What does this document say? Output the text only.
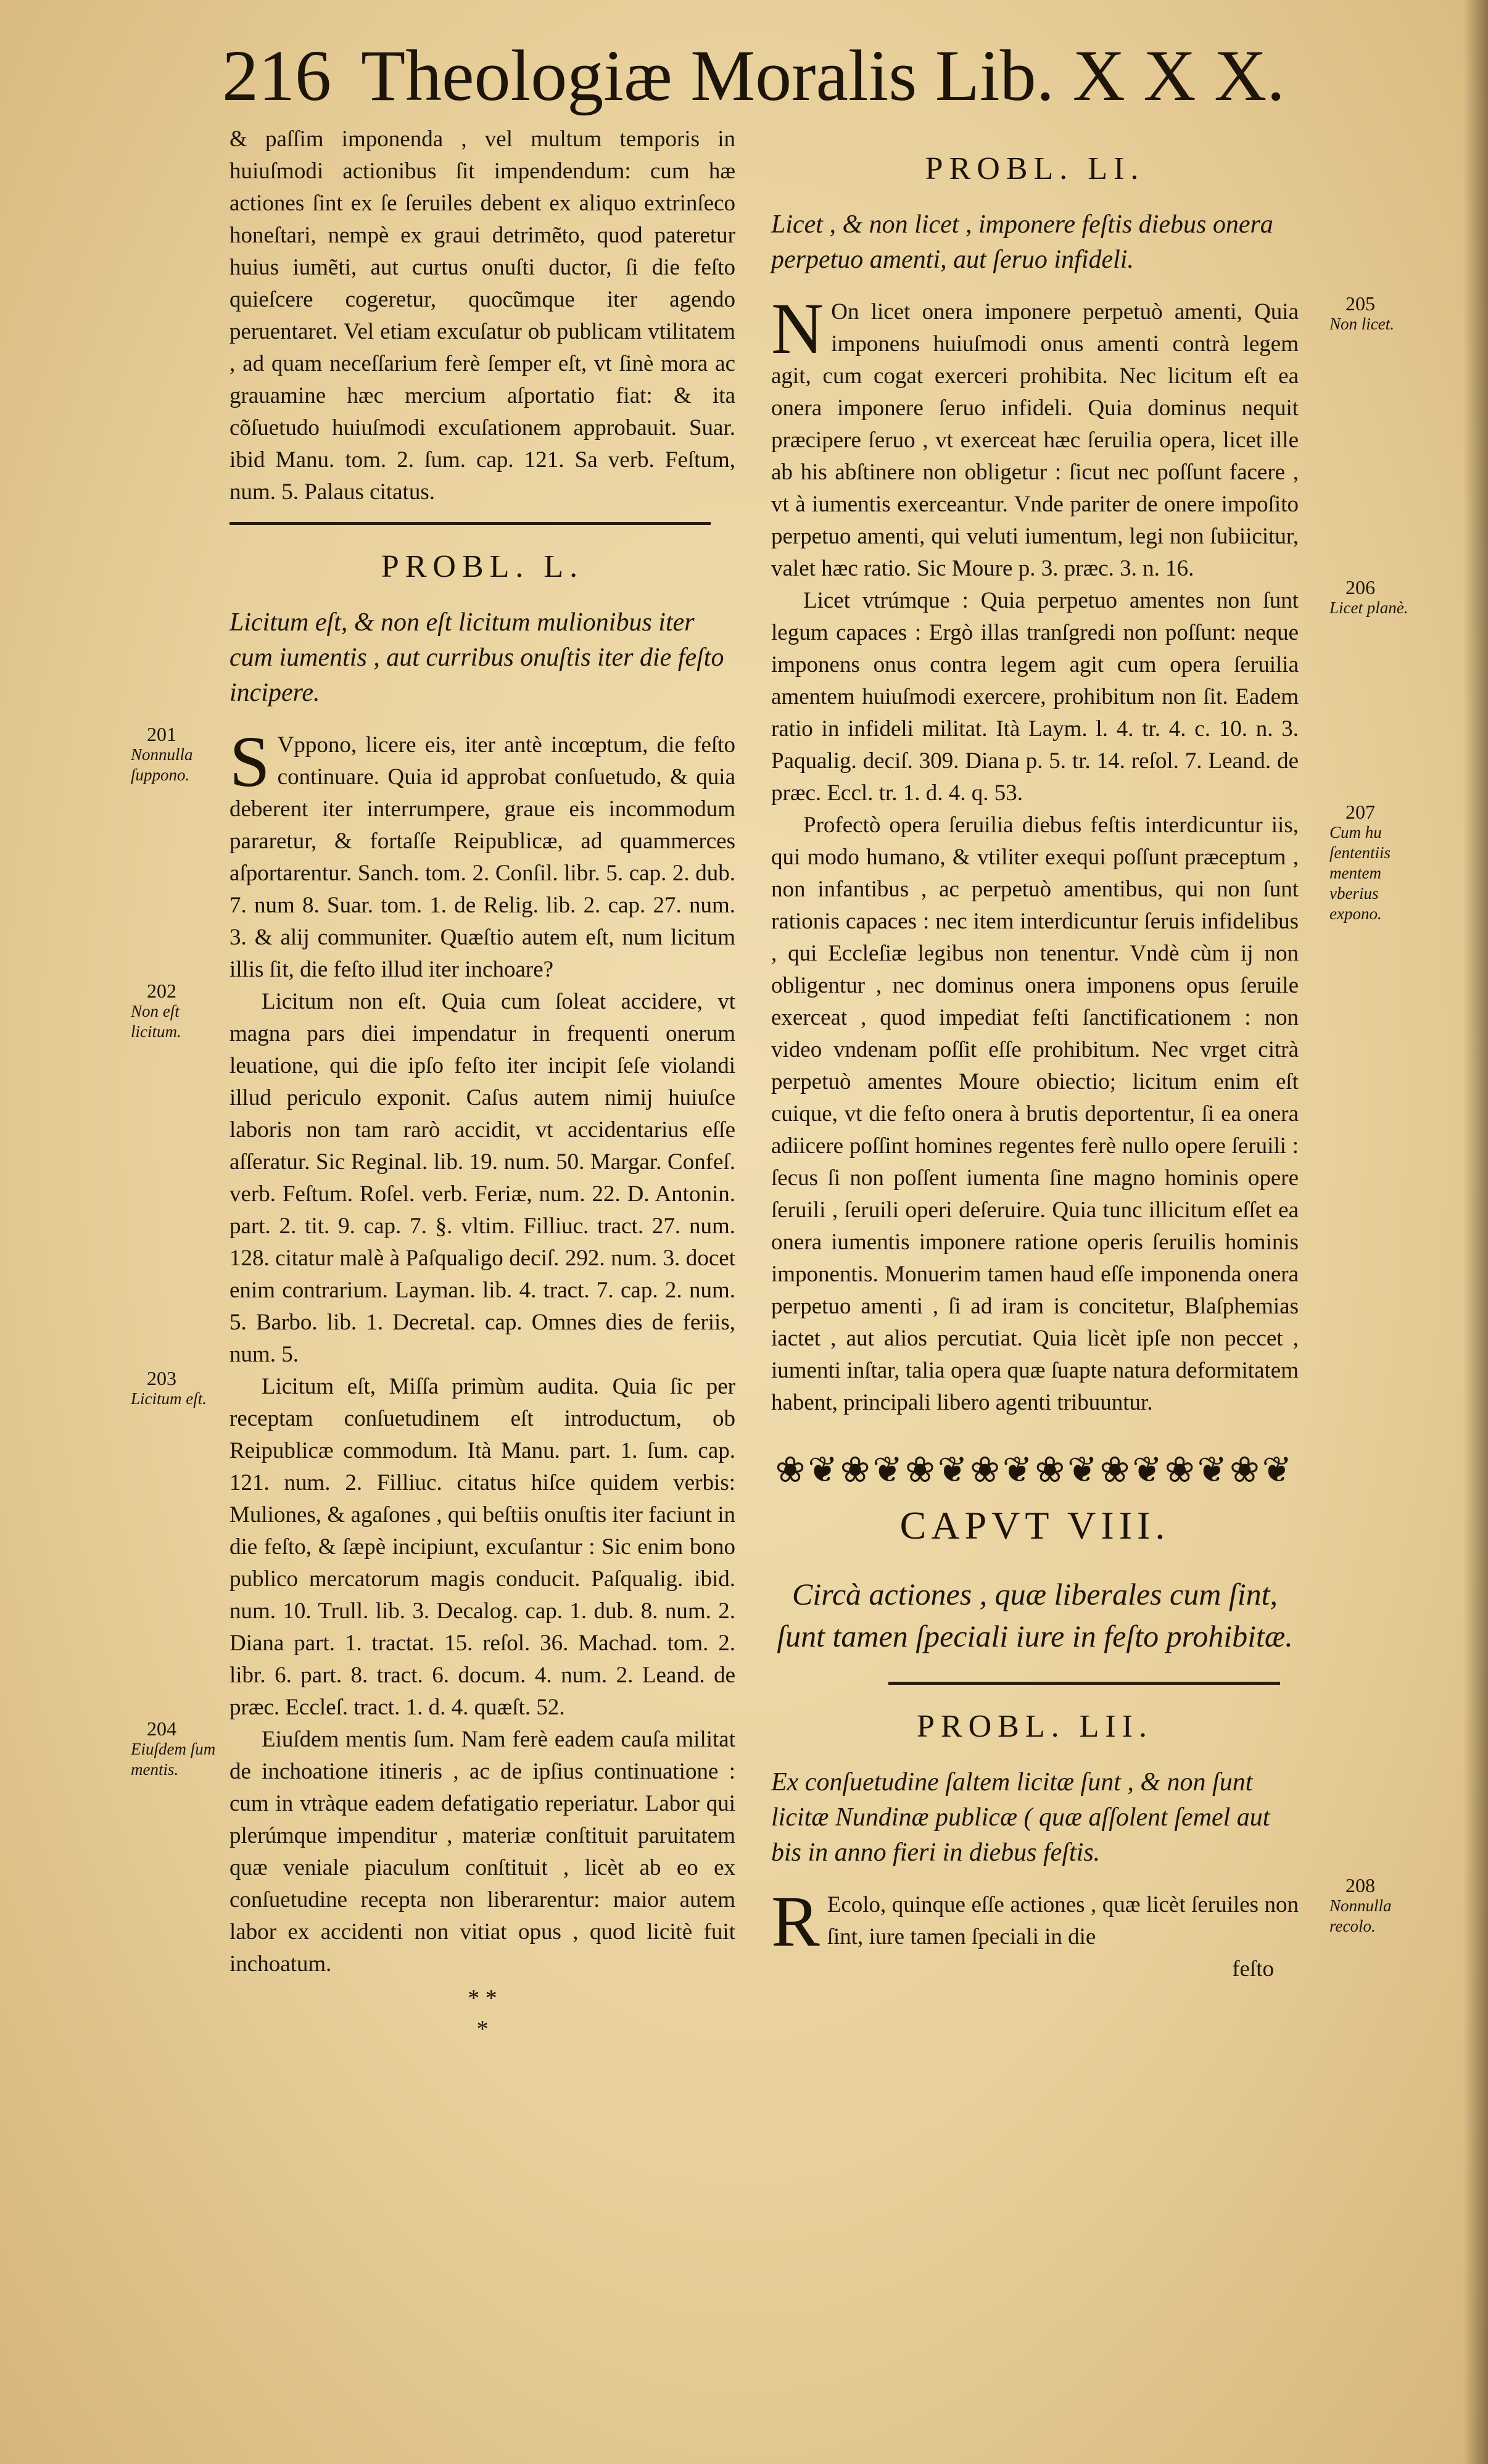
216 Theologiæ Moralis Lib. X X X.

& paſſim imponenda , vel multum temporis in huiuſmodi actionibus ſit impendendum: cum hæ actiones ſint ex ſe ſeruiles debent ex aliquo extrinſeco honeſtari, nempè ex graui detrimẽto, quod pateretur huius iumẽti, aut curtus onuſti ductor, ſi die feſto quieſcere cogeretur, quocũmque iter agendo peruentaret. Vel etiam excuſatur ob publicam vtilitatem , ad quam neceſſarium ferè ſemper eſt, vt ſinè mora ac grauamine hæc mercium aſportatio fiat: & ita cõſuetudo huiuſmodi excuſationem approbauit. Suar. ibid Manu. tom. 2. ſum. cap. 121. Sa verb. Feſtum, num. 5. Palaus citatus.

PROBL. L.
Licitum eſt, & non eſt licitum mulionibus iter cum iumentis , aut curribus onuſtis iter die feſto incipere.
201
Nonnulla ſuppono. S Vppono, licere eis, iter antè incœptum, die feſto continuare. Quia id approbat conſuetudo, & quia deberent iter interrumpere, graue eis incommodum pararetur, & fortaſſe Reipublicæ, ad quammerces aſportarentur. Sanch. tom. 2. Conſil. libr. 5. cap. 2. dub. 7. num 8. Suar. tom. 1. de Relig. lib. 2. cap. 27. num. 3. & alij communiter. Quæſtio autem eſt, num licitum illis ſit, die feſto illud iter inchoare?

202
Non eſt licitum.

Licitum non eſt. Quia cum ſoleat accidere, vt magna pars diei impendatur in frequenti onerum leuatione, qui die ipſo feſto iter incipit ſeſe violandi illud periculo exponit. Caſus autem nimij huiuſce laboris non tam rarò accidit, vt accidentarius eſſe aſſeratur. Sic Reginal. lib. 19. num. 50. Margar. Confeſ. verb. Feſtum. Roſel. verb. Feriæ, num. 22. D. Antonin. part. 2. tit. 9. cap. 7. §. vltim. Filliuc. tract. 27. num. 128. citatur malè à Paſqualigo deciſ. 292. num. 3. docet enim contrarium. Layman. lib. 4. tract. 7. cap. 2. num. 5. Barbo. lib. 1. Decretal. cap. Omnes dies de feriis, num. 5.

203
Licitum eſt.	Licitum eſt, Miſſa primùm audita. Quia ſic per receptam conſuetudinem eſt introductum, ob Reipublicæ commodum. Ità Manu. part. 1. ſum. cap. 121. num. 2. Filliuc. citatus hiſce quidem verbis: Muliones, & agaſones , qui beſtiis onuſtis iter faciunt in die feſto, & ſæpè incipiunt, excuſantur : Sic enim bono publico mercatorum magis conducit. Paſqualig. ibid. num. 10. Trull. lib. 3. Decalog. cap. 1. dub. 8. num. 2. Diana part. 1. tractat. 15. reſol. 36. Machad. tom. 2. libr. 6. part. 8. tract. 6. docum. 4. num. 2. Leand. de præc. Eccleſ. tract. 1. d. 4. quæſt. 52.

204
Eiuſdem ſum mentis.

Eiuſdem mentis ſum. Nam ferè eadem cauſa militat de inchoatione itineris , ac de ipſius continuatione : cum in vtràque eadem defatigatio reperiatur. Labor qui plerúmque impenditur , materiæ conſtituit paruitatem quæ veniale piaculum conſtituit , licèt ab eo ex conſuetudine recepta non liberarentur: maior autem labor ex accidenti non vitiat opus , quod licitè fuit inchoatum.

* *
*
PROBL. LI.
Licet , & non licet , imponere feſtis diebus onera perpetuo amenti, aut ſeruo infideli.
205
Non licet.
N On licet onera imponere perpetuò amenti, Quia imponens huiuſmodi onus amenti contrà legem agit, cum cogat exerceri prohibita. Nec licitum eſt ea onera imponere ſeruo infideli. Quia dominus nequit præcipere ſeruo , vt exerceat hæc ſeruilia opera, licet ille ab his abſtinere non obligetur : ſicut nec poſſunt facere , vt à iumentis exerceantur. Vnde pariter de onere impoſito perpetuo amenti, qui veluti iumentum, legi non ſubiicitur, valet hæc ratio. Sic Moure p. 3. præc. 3. n. 16.

206
Licet planè.

Licet vtrúmque : Quia perpetuo amentes non ſunt legum capaces : Ergò illas tranſgredi non poſſunt: neque imponens onus contra legem agit cum opera ſeruilia amentem huiuſmodi exercere, prohibitum non ſit. Eadem ratio in infideli militat. Ità Laym. l. 4. tr. 4. c. 10. n. 3. Paqualig. deciſ. 309. Diana p. 5. tr. 14. reſol. 7. Leand. de præc. Eccl. tr. 1. d. 4. q. 53.

207
Cum hu ſententiis mentem vberius expono.

Profectò opera ſeruilia diebus feſtis interdicuntur iis, qui modo humano, & vtiliter exequi poſſunt præceptum , non infantibus , ac perpetuò amentibus, qui non ſunt rationis capaces : nec item interdicuntur ſeruis infidelibus , qui Eccleſiæ legibus non tenentur. Vndè cùm ij non obligentur , nec dominus onera imponens opus ſeruile exerceat , quod impediat feſti ſanctificationem : non video vndenam poſſit eſſe prohibitum. Nec vrget citrà perpetuò amentes Moure obiectio; licitum enim eſt cuique, vt die feſto onera à brutis deportentur, ſi ea onera adiicere poſſint homines regentes ferè nullo opere ſeruili : ſecus ſi non poſſent iumenta ſine magno hominis opere ſeruili , ſeruili operi deſeruire. Quia tunc illicitum eſſet ea onera iumentis imponere ratione operis ſeruilis hominis imponentis. Monuerim tamen haud eſſe imponenda onera perpetuo amenti , ſi ad iram is concitetur, Blaſphemias iactet , aut alios percutiat. Quia licèt ipſe non peccet , iumenti inſtar, talia opera quæ ſuapte natura deformitatem habent, principali libero agenti tribuuntur.

❀❦❀❦❀❦❀❦❀❦❀❦❀❦❀❦
CAPVT VIII.
Circà actiones , quæ liberales cum ſint, ſunt tamen ſpeciali iure in feſto prohibitæ.
PROBL. LII.
Ex conſuetudine ſaltem licitæ ſunt , & non ſunt licitæ Nundinæ publicæ ( quæ aſſolent ſemel aut bis in anno fieri in diebus feſtis.
208
Nonnulla recolo.
R Ecolo, quinque eſſe actiones , quæ licèt ſeruiles non ſint, iure tamen ſpeciali in die

feſto
